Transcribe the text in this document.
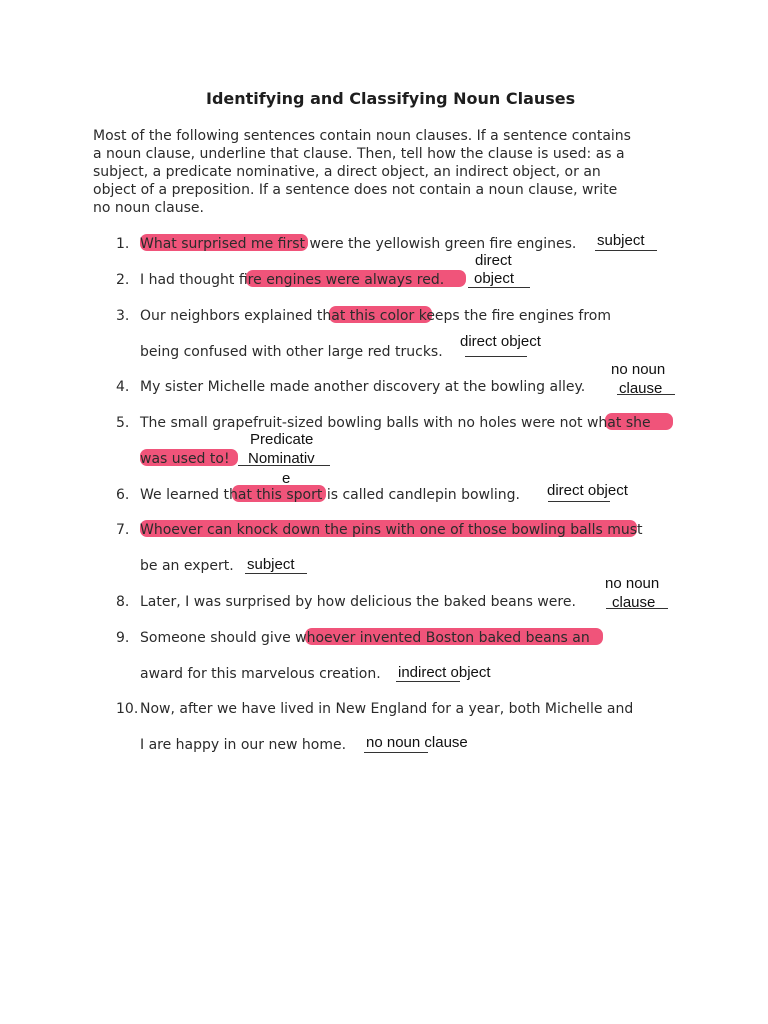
Identifying and Classifying Noun Clauses
Most of the following sentences contain noun clauses. If a sentence contains
a noun clause, underline that clause. Then, tell how the clause is used: as a
subject, a predicate nominative, a direct object, an indirect object, or an
object of a preposition. If a sentence does not contain a noun clause, write
no noun clause.
1.
2.
3.
4.
5.
6.
7.
8.
9.
10.
What surprised me first were the yellowish green fire engines.
I had thought fire engines were always red.
Our neighbors explained that this color keeps the fire engines from
being confused with other large red trucks.
My sister Michelle made another discovery at the bowling alley.
The small grapefruit-sized bowling balls with no holes were not what she
was used to!
We learned that this sport is called candlepin bowling.
Whoever can knock down the pins with one of those bowling balls must
be an expert.
Later, I was surprised by how delicious the baked beans were.
Someone should give whoever invented Boston baked beans an
award for this marvelous creation.
Now, after we have lived in New England for a year, both Michelle and
I are happy in our new home.
subject
direct
object
direct object
no noun
clause
Predicate
Nominativ
e
direct object
subject
no noun
clause
indirect object
no noun clause
